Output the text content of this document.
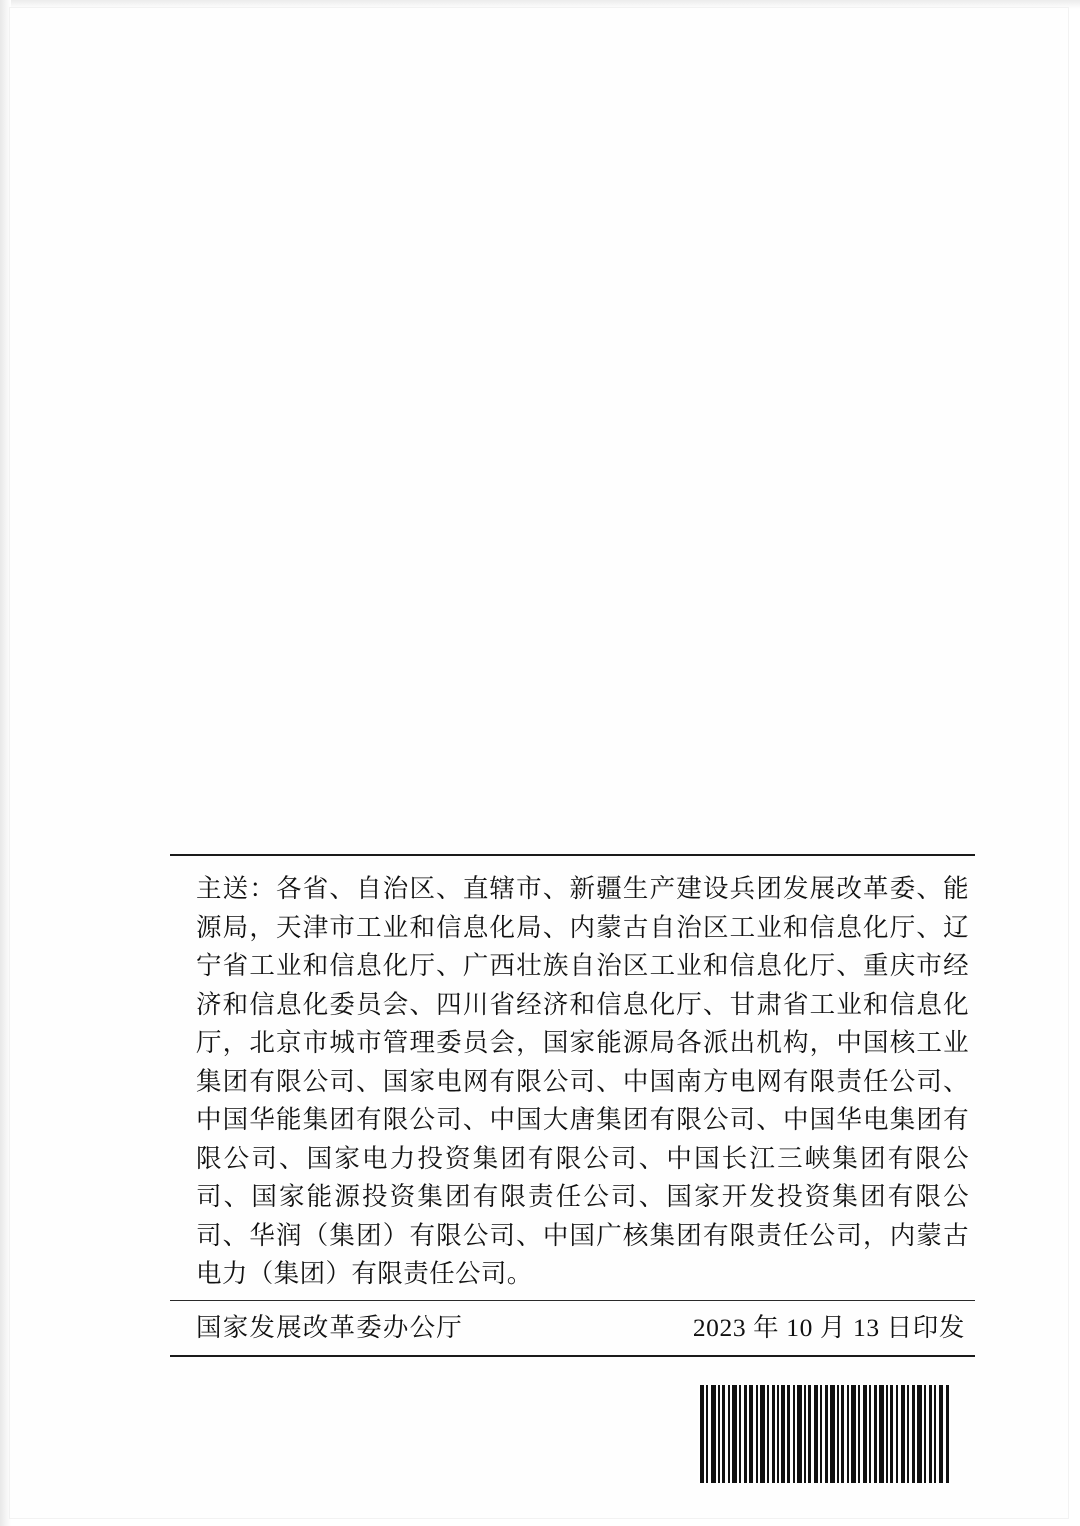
主送：各省、自治区、直辖市、新疆生产建设兵团发展改革委、能源局，天津市工业和信息化局、内蒙古自治区工业和信息化厅、辽宁省工业和信息化厅、广西壮族自治区工业和信息化厅、重庆市经济和信息化委员会、四川省经济和信息化厅、甘肃省工业和信息化厅，北京市城市管理委员会，国家能源局各派出机构，中国核工业集团有限公司、国家电网有限公司、中国南方电网有限责任公司、中国华能集团有限公司、中国大唐集团有限公司、中国华电集团有限公司、国家电力投资集团有限公司、中国长江三峡集团有限公司、国家能源投资集团有限责任公司、国家开发投资集团有限公司、华润（集团）有限公司、中国广核集团有限责任公司，内蒙古电力（集团）有限责任公司。
国家发展改革委办公厅	2023 年 10 月 13 日印发
